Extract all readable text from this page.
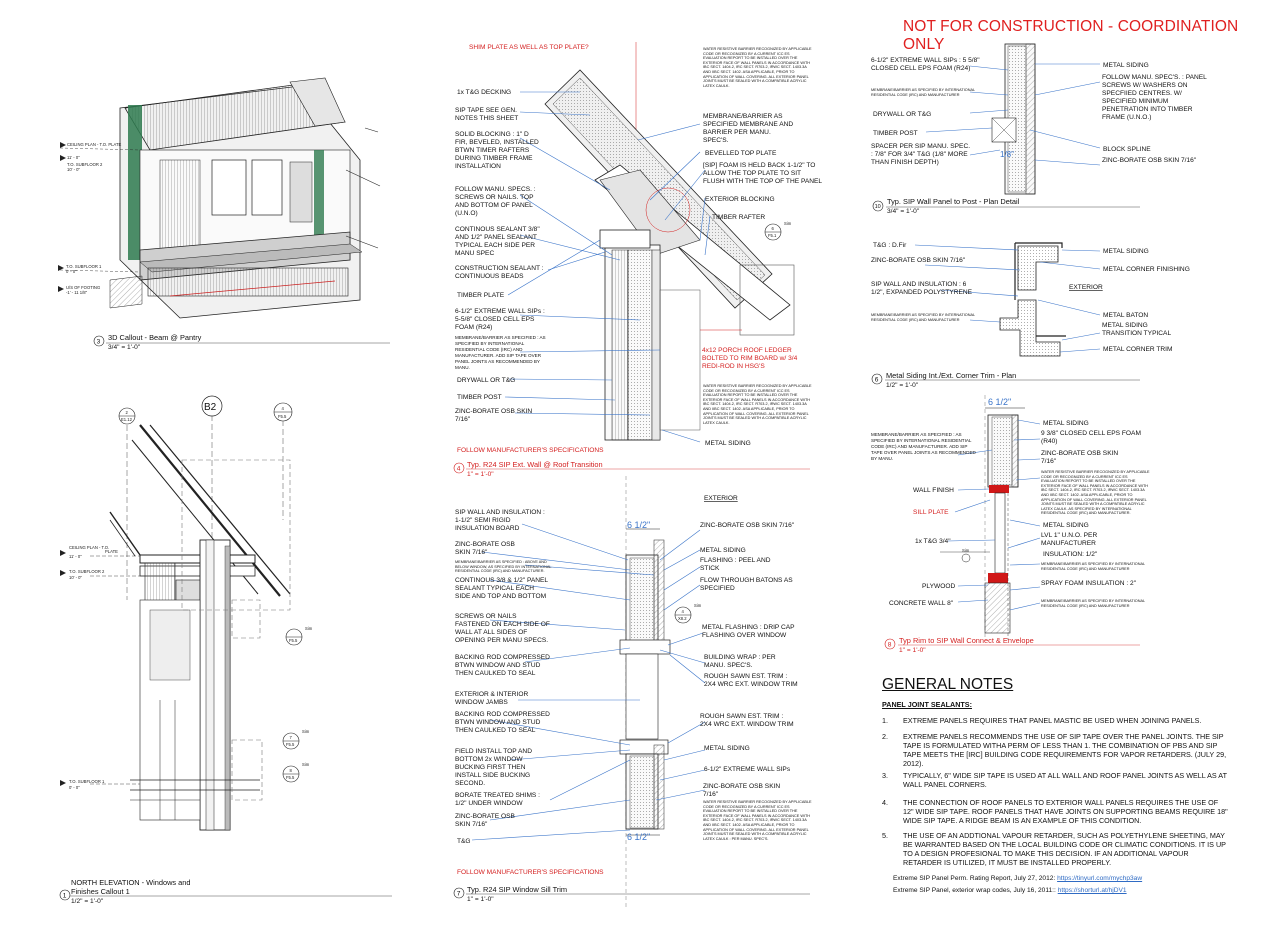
NOT FOR CONSTRUCTION - COORDINATION ONLY
CEILING PLAN - T.O. PLATE
11' - 0"
T.O. SUBFLOOR 2
10' - 0"
T.O. SUBFLOOR 1
0' - 0"
U/S OF FOOTING
-1' - 11 1/8"
3 3D Callout - Beam @ Pantry
3/4" = 1'-0"
B2
2
E1.12
4
F5.5
F5.5
Sim
7
F5.5
Sim
8
F5.5
Sim
CEILING PLAN - T.O.
PLATE
11' - 0"
T.O. SUBFLOOR 2
10' - 0"
T.O. SUBFLOOR 1
0' - 0"
1
NORTH ELEVATION - Windows and
Finishes Callout 1
1/2" = 1'-0"
SHIM PLATE AS WELL AS TOP PLATE?
6
F5.1
Sim
1x T&G DECKING
SIP TAPE SEE GEN. NOTES THIS SHEET
SOLID BLOCKING : 1" D FIR, BEVELED, INSTALLED BTWN TIMER RAFTERS DURING TIMBER FRAME INSTALLATION
FOLLOW MANU. SPECS. : SCREWS OR NAILS. TOP AND BOTTOM OF PANEL (U.N.O)
CONTINOUS SEALANT 3/8" AND 1/2" PANEL SEALANT TYPICAL EACH SIDE PER MANU SPEC
CONSTRUCTION SEALANT : CONTINUOUS BEADS
TIMBER PLATE
6-1/2" EXTREME WALL SIPs : 5-5/8" CLOSED CELL EPS FOAM (R24)
MEMBRANE/BARRIER AS SPECIFIED : AS SPECIFIED BY INTERNATIONAL RESIDENTIAL CODE (IRC) AND MANUFACTURER. ADD SIP TAPE OVER PANEL JOINTS AS RECOMMENDED BY MANU.
DRYWALL OR T&G
TIMBER POST
ZINC-BORATE OSB SKIN 7/16"
WATER RESISTIVE BARRIER RECOGNIZED BY APPLICABLE CODE OR RECOGNIZED BY A CURRENT ICC ES EVALUATION REPORT TO BE INSTALLED OVER THE EXTERIOR FACE OF WALL PANELS IN ACCORDANCE WITH IBC SECT. 1404.2, IRC SECT. R703.2, IRWC SECT. 1403.3A AND IIBC SECT. 1402. ASA APPLICABLE, PRIOR TO APPLICATION OF WALL COVERING. ALL EXTERIOR PANEL JOINTS MUST BE SEALED WITH A COMPATIBLE ACRYLIC LATEX CAULK.
MEMBRANE/BARRIER AS SPECIFIED MEMBRANE AND BARRIER PER MANU. SPEC'S.
BEVELLED TOP PLATE
[SIP] FOAM IS HELD BACK 1-1/2" TO ALLOW THE TOP PLATE TO SIT FLUSH WITH THE TOP OF THE PANEL
EXTERIOR BLOCKING
TIMBER RAFTER
4x12 PORCH ROOF LEDGER BOLTED TO RIM BOARD w/ 3/4 REDI-ROD IN HSG'S
WATER RESISTIVE BARRIER RECOGNIZED BY APPLICABLE CODE OR RECOGNIZED BY A CURRENT ICC ES EVALUATION REPORT TO BE INSTALLED OVER THE EXTERIOR FACE OF WALL PANELS IN ACCORDANCE WITH IBC SECT. 1404.2, IRC SECT. R703.2, IRWC SECT. 1403.3A AND IIBC SECT. 1402. ASA APPLICABLE, PRIOR TO APPLICATION OF WALL COVERING. ALL EXTERIOR PANEL JOINTS MUST BE SEALED WITH A COMPATIBLE ACRYLIC LATEX CAULK.
METAL SIDING
FOLLOW MANUFACTURER'S SPECIFICATIONS
4 Typ. R24 SIP Ext. Wall @ Roof Transition
1" = 1'-0"
EXTERIOR
6 1/2"
6 1/2"
4
X8.2
Sim
SIP WALL AND INSULATION : 1-1/2" SEMI RIGID INSULATION BOARD
ZINC-BORATE OSB SKIN 7/16"
MEMBRANE/BARRIER AS SPECIFIED : ABOVE AND BELOW WINDOW, AS SPECIFIED BY INTERNATIONAL RESIDENTIAL CODE (IRC) AND MANUFACTURER.
CONTINOUS 3/8 & 1/2" PANEL SEALANT TYPICAL EACH SIDE AND TOP AND BOTTOM
SCREWS OR NAILS FASTENED ON EACH SIDE OF WALL AT ALL SIDES OF OPENING PER MANU SPECS.
BACKING ROD COMPRESSED BTWN WINDOW AND STUD THEN CAULKED TO SEAL
EXTERIOR & INTERIOR WINDOW JAMBS
BACKING ROD COMPRESSED BTWN WINDOW AND STUD THEN CAULKED TO SEAL
FIELD INSTALL TOP AND BOTTOM 2x WINDOW BUCKING FIRST THEN INSTALL SIDE BUCKING SECOND.
BORATE TREATED SHIMS : 1/2" UNDER WINDOW
ZINC-BORATE OSB SKIN 7/16"
T&G
ZINC-BORATE OSB SKIN 7/16"
METAL SIDING
FLASHING : PEEL AND STICK
FLOW THROUGH BATONS AS SPECIFIED
METAL FLASHING : DRIP CAP FLASHING OVER WINDOW
BUILDING WRAP : PER MANU. SPEC'S.
ROUGH SAWN EST. TRIM : 2X4 WRC EXT. WINDOW TRIM
ROUGH SAWN EST. TRIM : 2X4 WRC EXT. WINDOW TRIM
METAL SIDING
6-1/2" EXTREME WALL SIPs
ZINC-BORATE OSB SKIN 7/16"
WATER RESISTIVE BARRIER RECOGNIZED BY APPLICABLE CODE OR RECOGNIZED BY A CURRENT ICC ES EVALUATION REPORT TO BE INSTALLED OVER THE EXTERIOR FACE OF WALL PANELS IN ACCORDANCE WITH IBC SECT. 1404.2, IRC SECT. R703.2, IRWC SECT. 1403.3A AND IIBC SECT. 1402. ASA APPLICABLE, PRIOR TO APPLICATION OF WALL COVERING. ALL EXTERIOR PANEL JOINTS MUST BE SEALED WITH A COMPATIBLE ACRYLIC LATEX CAULK : PER MANU. SPEC'S.
FOLLOW MANUFACTURER'S SPECIFICATIONS
7 Typ. R24 SIP Window Sill Trim
1" = 1'-0"
1/8"
6-1/2" EXTREME WALL SIPs : 5 5/8" CLOSED CELL EPS FOAM (R24)
MEMBRANE/BARRIER AS SPECIFIED BY INTERNATIONAL RESIDENTIAL CODE (IRC) AND MANUFACTURER
DRYWALL OR T&G
TIMBER POST
SPACER PER SIP MANU. SPEC. : 7/8" FOR 3/4" T&G (1/8" MORE THAN FINISH DEPTH)
METAL SIDING
FOLLOW MANU. SPEC'S. : PANEL SCREWS W/ WASHERS ON SPECFIIED CENTRES. W/ SPECIFIED MINIMUM PENETRATION INTO TIMBER FRAME (U.N.O.)
BLOCK SPLINE
ZINC-BORATE OSB SKIN 7/16"
10
Typ. SIP Wall Panel to Post - Plan Detail
3/4" = 1'-0"
T&G : D.Fir
ZINC-BORATE OSB SKIN 7/16"
SIP WALL AND INSULATION : 6 1/2", EXPANDED POLYSTYRENE
MEMBRANE/BARRIER AS SPECIFIED BY INTERNATIONAL RESIDENTIAL CODE (IRC) AND MANUFACTURER
EXTERIOR
METAL SIDING
METAL CORNER FINISHING
METAL BATON
METAL SIDING TRANSITION TYPICAL
METAL CORNER TRIM
6 Metal Siding Int./Ext. Corner Trim - Plan
1/2" = 1'-0"
6 1/2"
Sim
MEMBRANE/BARRIER AS SPECIFIED : AS SPECIFIED BY INTERNATIONAL RESIDENTIAL CODE (IRC) AND MANUFACTURER. ADD SIP TAPE OVER PANEL JOINTS AS RECOMMENDED BY MANU.
WALL FINISH
SILL PLATE
1x T&G 3/4"
PLYWOOD
CONCRETE WALL 8"
METAL SIDING
9 3/8" CLOSED CELL EPS FOAM (R40)
ZINC-BORATE OSB SKIN 7/16"
WATER RESISTIVE BARRIER RECOGNIZED BY APPLICABLE CODE OR RECOGNIZED BY A CURRENT ICC ES EVALUATION REPORT TO BE INSTALLED OVER THE EXTERIOR FACE OF WALL PANELS IN ACCORDANCE WITH IBC SECT. 1404.2, IRC SECT. R703.2, IRWC SECT. 1403.3A AND IIBC SECT. 1402. ASA APPLICABLE, PRIOR TO APPLICATION OF WALL COVERING. ALL EXTERIOR PANEL JOINTS MUST BE SEALED WITH A COMPATIBLE ACRYLIC LATEX CAULK. AS SPECIFIED BY INTERNATIONAL RESIDENTIAL CODE (IRC) AND MANUFACTURER.
METAL SIDING
LVL 1" U.N.O. PER MANUFACTURER
INSULATION: 1/2"
MEMBRANE/BARRIER AS SPECIFIED BY INTERNATIONAL RESIDENTIAL CODE (IRC) AND MANUFACTURER
SPRAY FOAM INSULATION : 2"
MEMBRANE/BARRIER AS SPECIFIED BY INTERNATIONAL RESIDENTIAL CODE (IRC) AND MANUFACTURER
8 Typ Rim to SIP Wall Connect & Envelope
1" = 1'-0"
GENERAL NOTES
PANEL JOINT SEALANTS:
1. EXTREME PANELS REQUIRES THAT PANEL MASTIC BE USED WHEN JOINING PANELS.
2. EXTREME PANELS RECOMMENDS THE USE OF SIP TAPE OVER THE PANEL JOINTS. THE SIP TAPE IS FORMULATED WITHA PERM OF LESS THAN 1. THE COMBINATION OF PBS AND SIP TAPE MEETS THE [IRC] BUILDING CODE REQUIREMENTS FOR VAPOR RETARDERS. (JULY 29, 2012).
3. TYPICALLY, 6" WIDE SIP TAPE IS USED AT ALL WALL AND ROOF PANEL JOINTS AS WELL AS AT WALL PANEL CORNERS.
4. THE CONNECTION OF ROOF PANELS TO EXTERIOR WALL PANELS REQUIRES THE USE OF 12" WIDE SIP TAPE. ROOF PANELS THAT HAVE JOINTS ON SUPPORTING BEAMS REQUIRE 18" WIDE SIP TAPE. A RIDGE BEAM IS AN EXAMPLE OF THIS CONDITION.
5. THE USE OF AN ADDTIONAL VAPOUR RETARDER, SUCH AS POLYETHYLENE SHEETING, MAY BE WARRANTED BASED ON THE LOCAL BUILDING CODE OR CLIMATIC CONDITIONS. IT IS UP TO A DESIGN PROFESIONAL TO MAKE THIS DECISION. IF AN ADDITIONAL VAPOUR RETARDER IS UTILIZED, IT MUST BE INSTALLED PROPERLY.
Extreme SIP Panel Perm. Rating Report, July 27, 2012: https://tinyurl.com/mychp3aw
Extreme SIP Panel, exterior wrap codes, July 16, 2011:: https://shorturl.at/hjDV1
